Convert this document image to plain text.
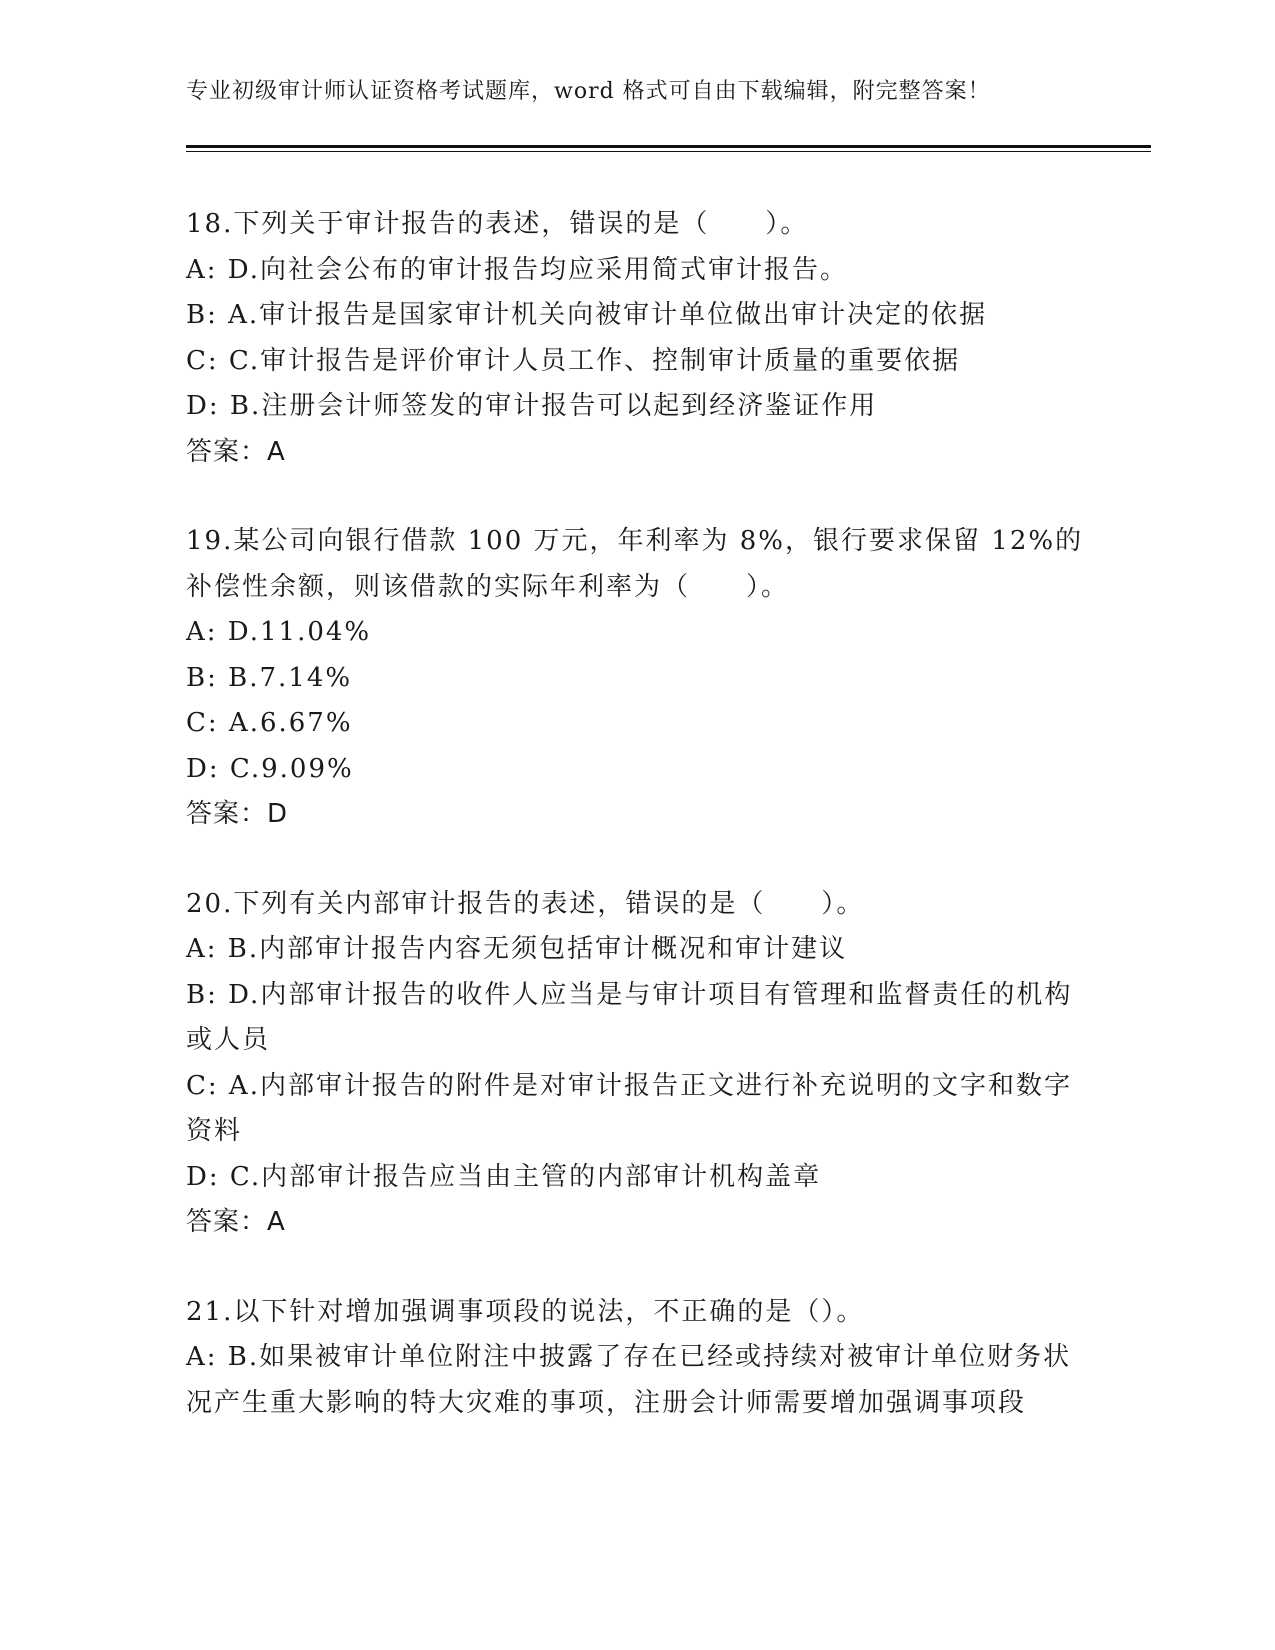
专业初级审计师认证资格考试题库，word 格式可自由下载编辑，附完整答案！
18.下列关于审计报告的表述，错误的是（　　）。
A: D.向社会公布的审计报告均应采用简式审计报告。
B: A.审计报告是国家审计机关向被审计单位做出审计决定的依据
C: C.审计报告是评价审计人员工作、控制审计质量的重要依据
D: B.注册会计师签发的审计报告可以起到经济鉴证作用
答案：A
19.某公司向银行借款 100 万元，年利率为 8%，银行要求保留 12%的补偿性余额，则该借款的实际年利率为（　　）。
A: D.11.04%
B: B.7.14%
C: A.6.67%
D: C.9.09%
答案：D
20.下列有关内部审计报告的表述，错误的是（　　）。
A: B.内部审计报告内容无须包括审计概况和审计建议
B: D.内部审计报告的收件人应当是与审计项目有管理和监督责任的机构或人员
C: A.内部审计报告的附件是对审计报告正文进行补充说明的文字和数字资料
D: C.内部审计报告应当由主管的内部审计机构盖章
答案：A
21.以下针对增加强调事项段的说法，不正确的是（）。
A: B.如果被审计单位附注中披露了存在已经或持续对被审计单位财务状况产生重大影响的特大灾难的事项，注册会计师需要增加强调事项段
